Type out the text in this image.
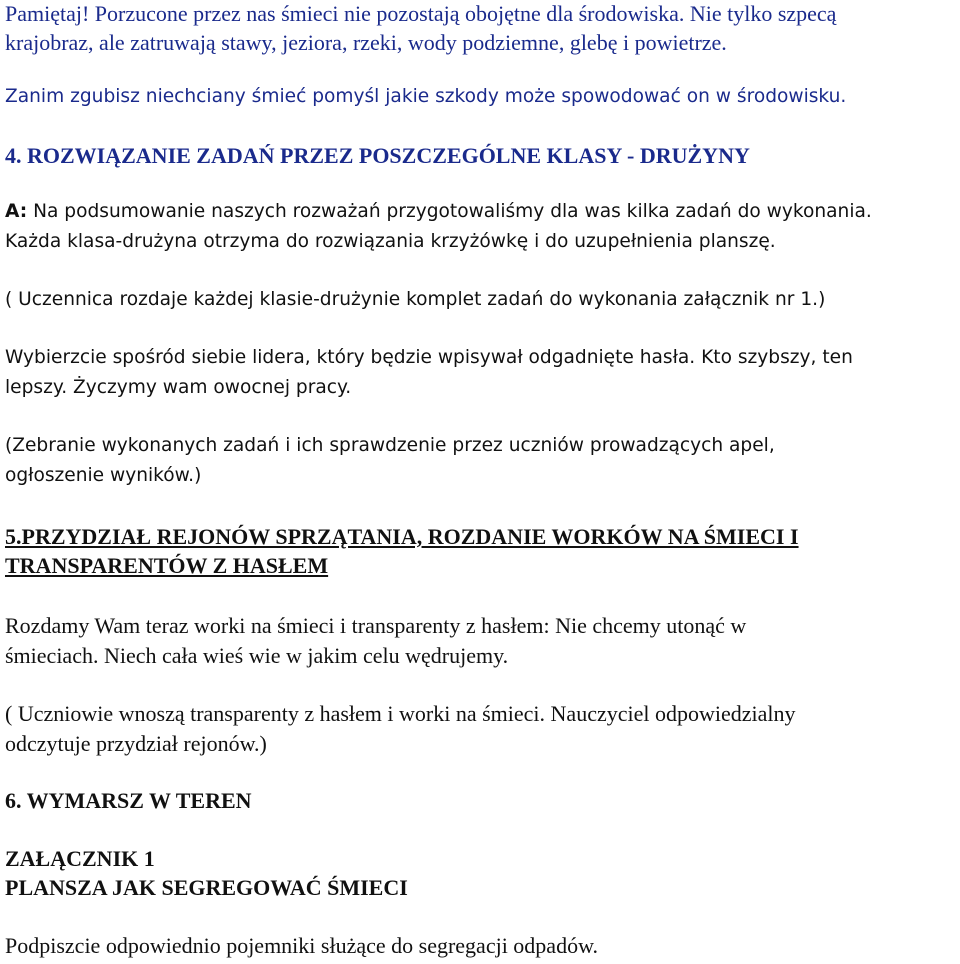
Pamiętaj! Porzucone przez nas śmieci nie pozostają obojętne dla środowiska. Nie tylko szpecą

krajobraz, ale zatruwają stawy, jeziora, rzeki, wody podziemne, glebę i powietrze.

Zanim zgubisz niechciany śmieć pomyśl jakie szkody może spowodować on w środowisku.

4. ROZWIĄZANIE ZADAŃ PRZEZ POSZCZEGÓLNE KLASY - DRUŻYNY

A: Na podsumowanie naszych rozważań przygotowaliśmy dla was kilka zadań do wykonania.

Każda klasa-drużyna otrzyma do rozwiązania krzyżówkę i do uzupełnienia planszę.

( Uczennica rozdaje każdej klasie-drużynie komplet zadań do wykonania załącznik nr 1.)

Wybierzcie spośród siebie lidera, który będzie wpisywał odgadnięte hasła. Kto szybszy, ten

lepszy. Życzymy wam owocnej pracy.

(Zebranie wykonanych zadań i ich sprawdzenie przez uczniów prowadzących apel,

ogłoszenie wyników.)

5.PRZYDZIAŁ REJONÓW SPRZĄTANIA, ROZDANIE WORKÓW NA ŚMIECI I

TRANSPARENTÓW Z HASŁEM

Rozdamy Wam teraz worki na śmieci i transparenty z hasłem: Nie chcemy utonąć w

śmieciach. Niech cała wieś wie w jakim celu wędrujemy.

( Uczniowie wnoszą transparenty z hasłem i worki na śmieci. Nauczyciel odpowiedzialny

odczytuje przydział rejonów.)

6. WYMARSZ W TEREN

ZAŁĄCZNIK 1

PLANSZA JAK SEGREGOWAĆ ŚMIECI

Podpiszcie odpowiednio pojemniki służące do segregacji odpadów.
